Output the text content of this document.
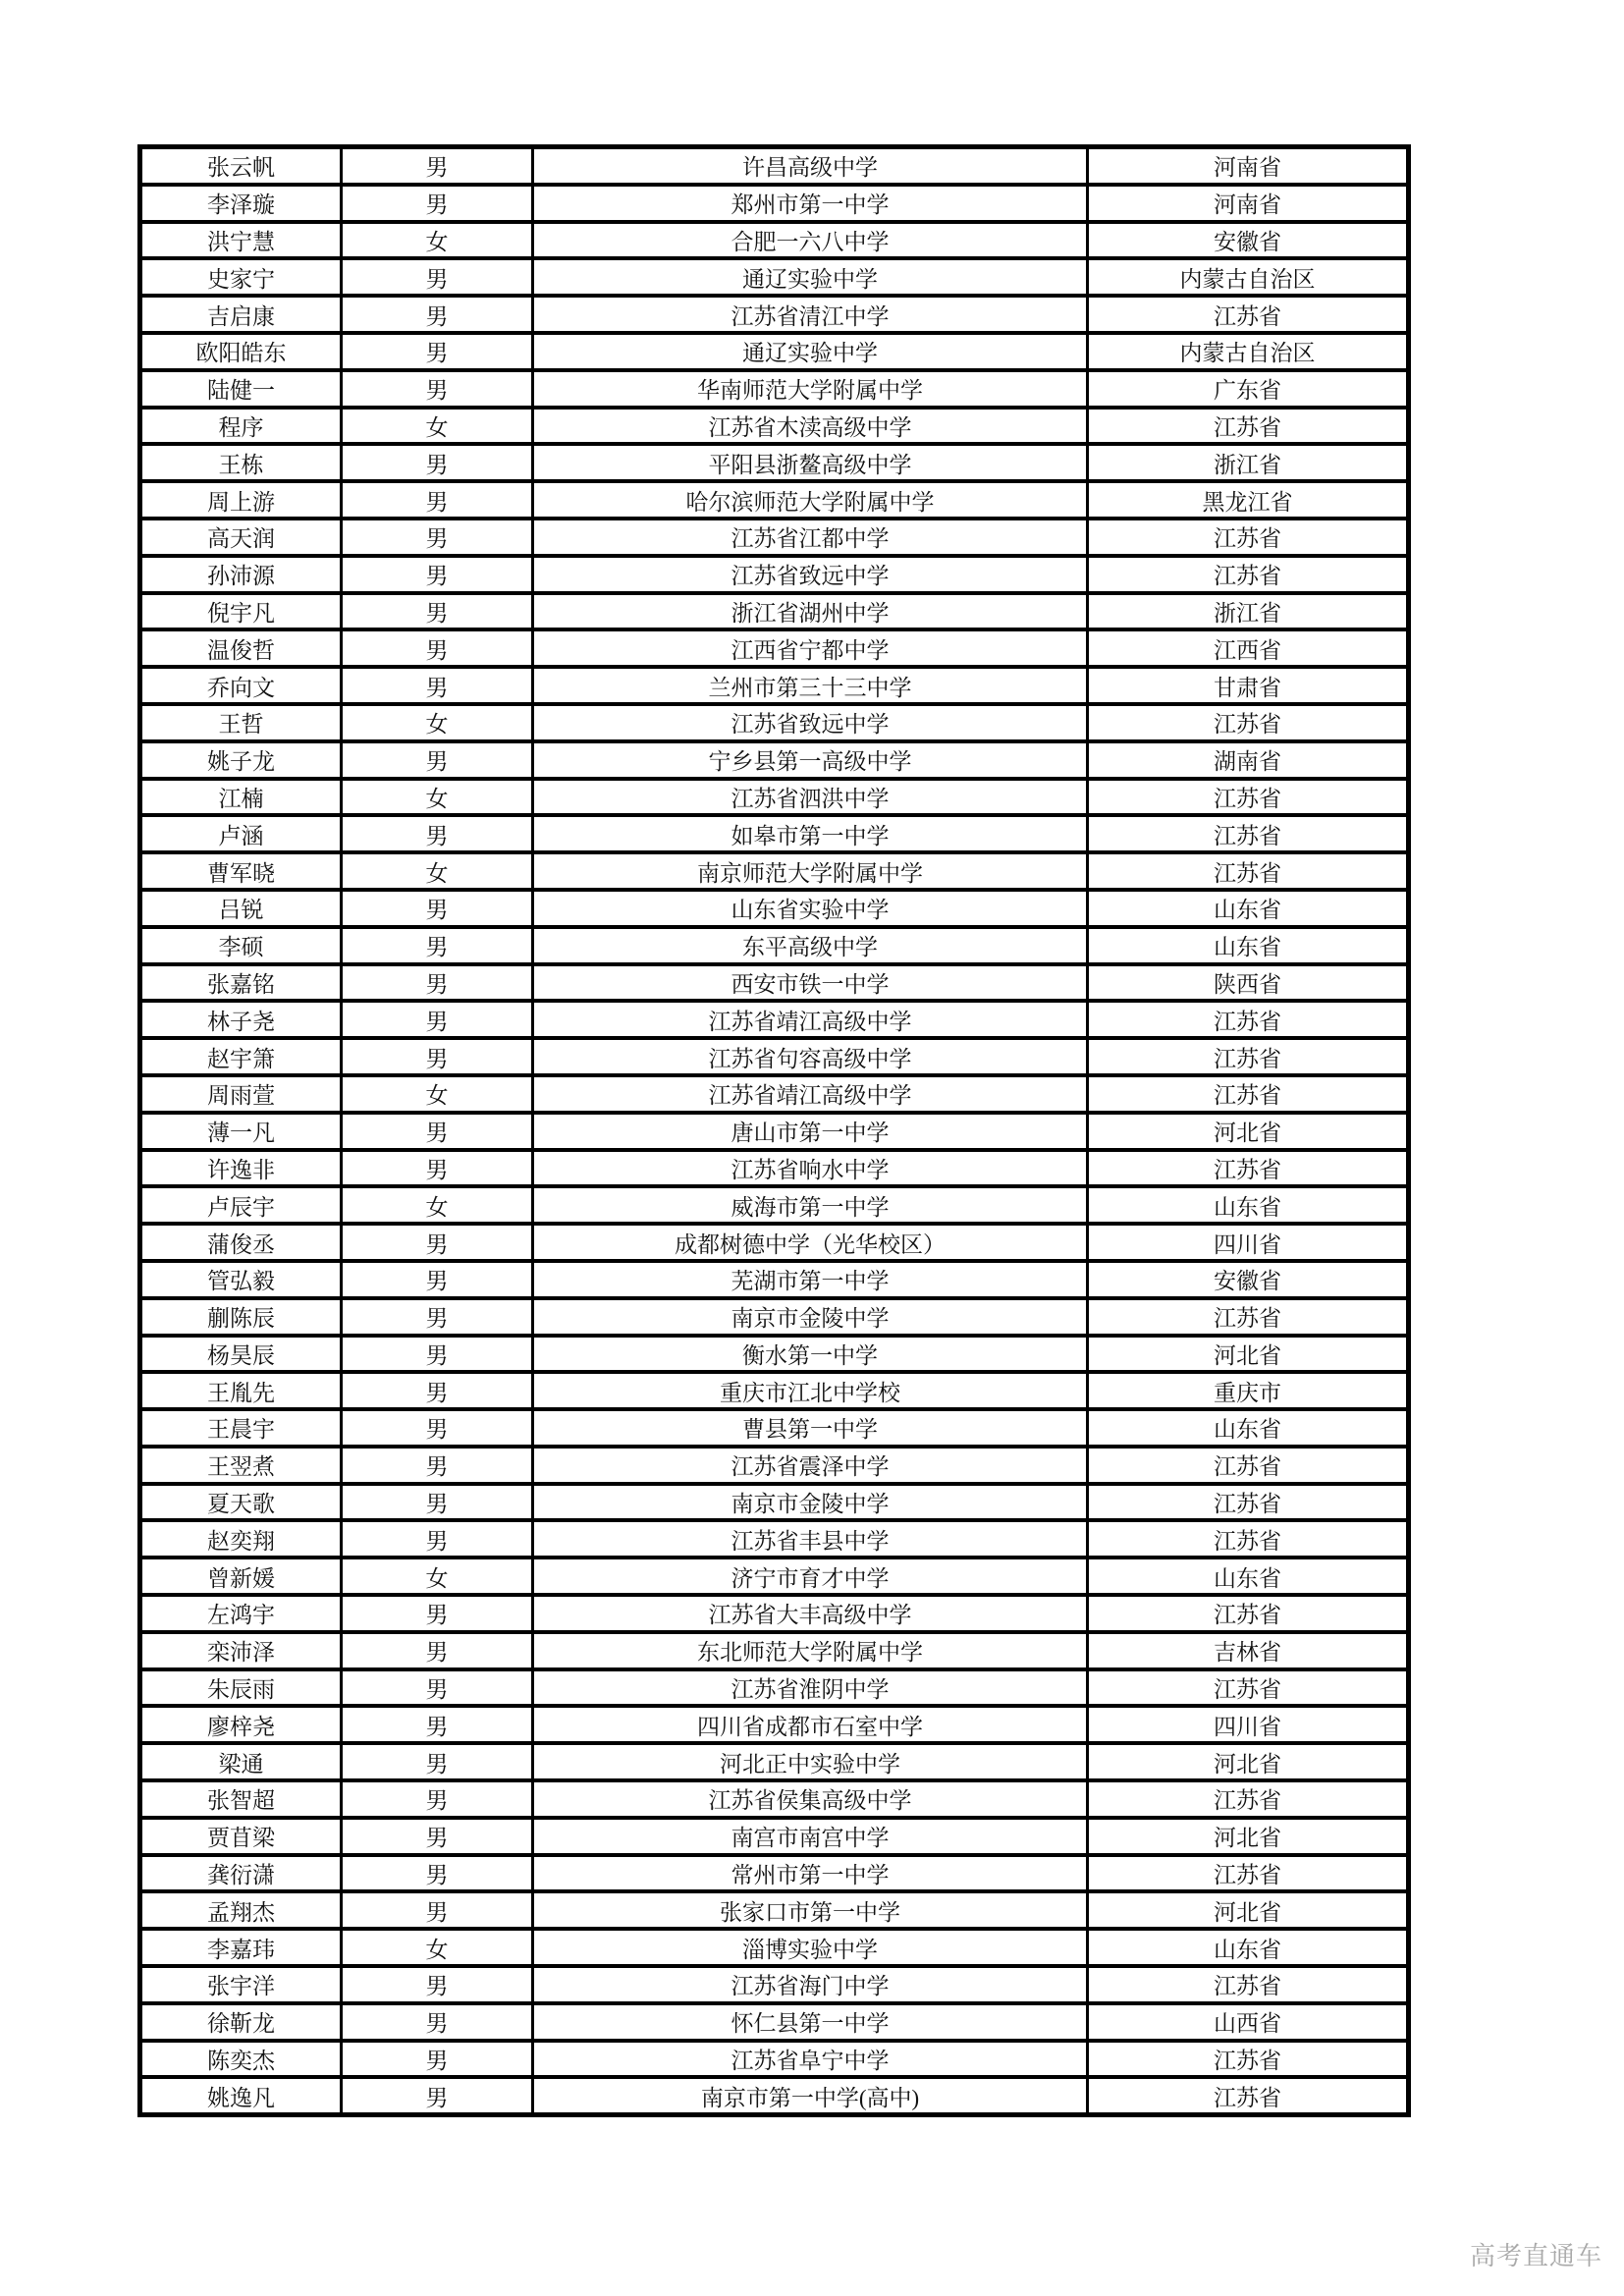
张云帆	男	许昌高级中学	河南省
李泽璇	男	郑州市第一中学	河南省
洪宁慧	女	合肥一六八中学	安徽省
史家宁	男	通辽实验中学	内蒙古自治区
吉启康	男	江苏省清江中学	江苏省
欧阳皓东	男	通辽实验中学	内蒙古自治区
陆健一	男	华南师范大学附属中学	广东省
程序	女	江苏省木渎高级中学	江苏省
王栋	男	平阳县浙鳌高级中学	浙江省
周上游	男	哈尔滨师范大学附属中学	黑龙江省
高天润	男	江苏省江都中学	江苏省
孙沛源	男	江苏省致远中学	江苏省
倪宇凡	男	浙江省湖州中学	浙江省
温俊哲	男	江西省宁都中学	江西省
乔向文	男	兰州市第三十三中学	甘肃省
王哲	女	江苏省致远中学	江苏省
姚子龙	男	宁乡县第一高级中学	湖南省
江楠	女	江苏省泗洪中学	江苏省
卢涵	男	如皋市第一中学	江苏省
曹军晓	女	南京师范大学附属中学	江苏省
吕锐	男	山东省实验中学	山东省
李硕	男	东平高级中学	山东省
张嘉铭	男	西安市铁一中学	陕西省
林子尧	男	江苏省靖江高级中学	江苏省
赵宇箫	男	江苏省句容高级中学	江苏省
周雨萱	女	江苏省靖江高级中学	江苏省
薄一凡	男	唐山市第一中学	河北省
许逸非	男	江苏省响水中学	江苏省
卢辰宇	女	威海市第一中学	山东省
蒲俊丞	男	成都树德中学（光华校区）	四川省
管弘毅	男	芜湖市第一中学	安徽省
蒯陈辰	男	南京市金陵中学	江苏省
杨昊辰	男	衡水第一中学	河北省
王胤先	男	重庆市江北中学校	重庆市
王晨宇	男	曹县第一中学	山东省
王翌煮	男	江苏省震泽中学	江苏省
夏天歌	男	南京市金陵中学	江苏省
赵奕翔	男	江苏省丰县中学	江苏省
曾新媛	女	济宁市育才中学	山东省
左鸿宇	男	江苏省大丰高级中学	江苏省
栾沛泽	男	东北师范大学附属中学	吉林省
朱辰雨	男	江苏省淮阴中学	江苏省
廖梓尧	男	四川省成都市石室中学	四川省
梁通	男	河北正中实验中学	河北省
张智超	男	江苏省侯集高级中学	江苏省
贾苜梁	男	南宫市南宫中学	河北省
龚衍潇	男	常州市第一中学	江苏省
孟翔杰	男	张家口市第一中学	河北省
李嘉玮	女	淄博实验中学	山东省
张宇洋	男	江苏省海门中学	江苏省
徐靳龙	男	怀仁县第一中学	山西省
陈奕杰	男	江苏省阜宁中学	江苏省
姚逸凡	男	南京市第一中学(高中)	江苏省
高考直通车
